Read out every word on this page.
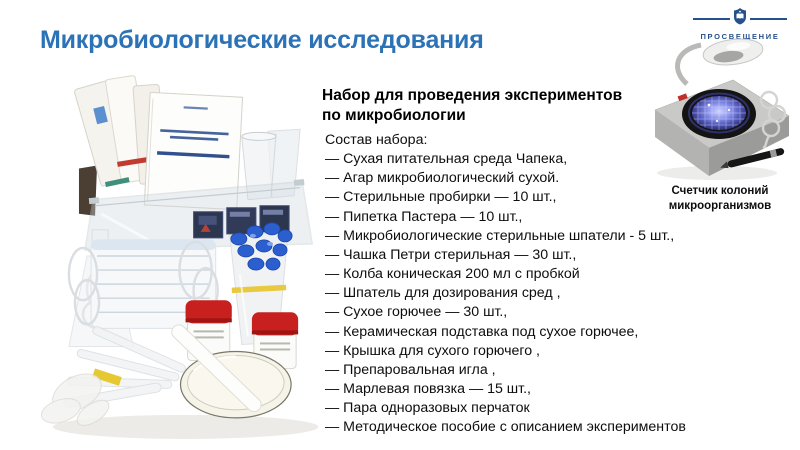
Микробиологические исследования	ПРОСВЕЩЕНИЕ
Счетчик колоний
микроорганизмов
Набор для проведения экспериментов
по микробиологии
Состав набора:
— Сухая питательная среда Чапека,
— Агар микробиологический сухой.
— Стерильные пробирки — 10 шт.,
— Пипетка Пастера — 10 шт.,
— Микробиологические стерильные шпатели - 5 шт.,
— Чашка Петри стерильная — 30 шт.,
— Колба коническая 200 мл с пробкой
— Шпатель для дозирования сред ,
— Сухое горючее — 30 шт.,
— Керамическая подставка под сухое горючее,
— Крышка для сухого горючего ,
— Препаровальная игла ,
— Марлевая повязка — 15 шт.,
— Пара одноразовых перчаток
— Методическое пособие с описанием экспериментов
